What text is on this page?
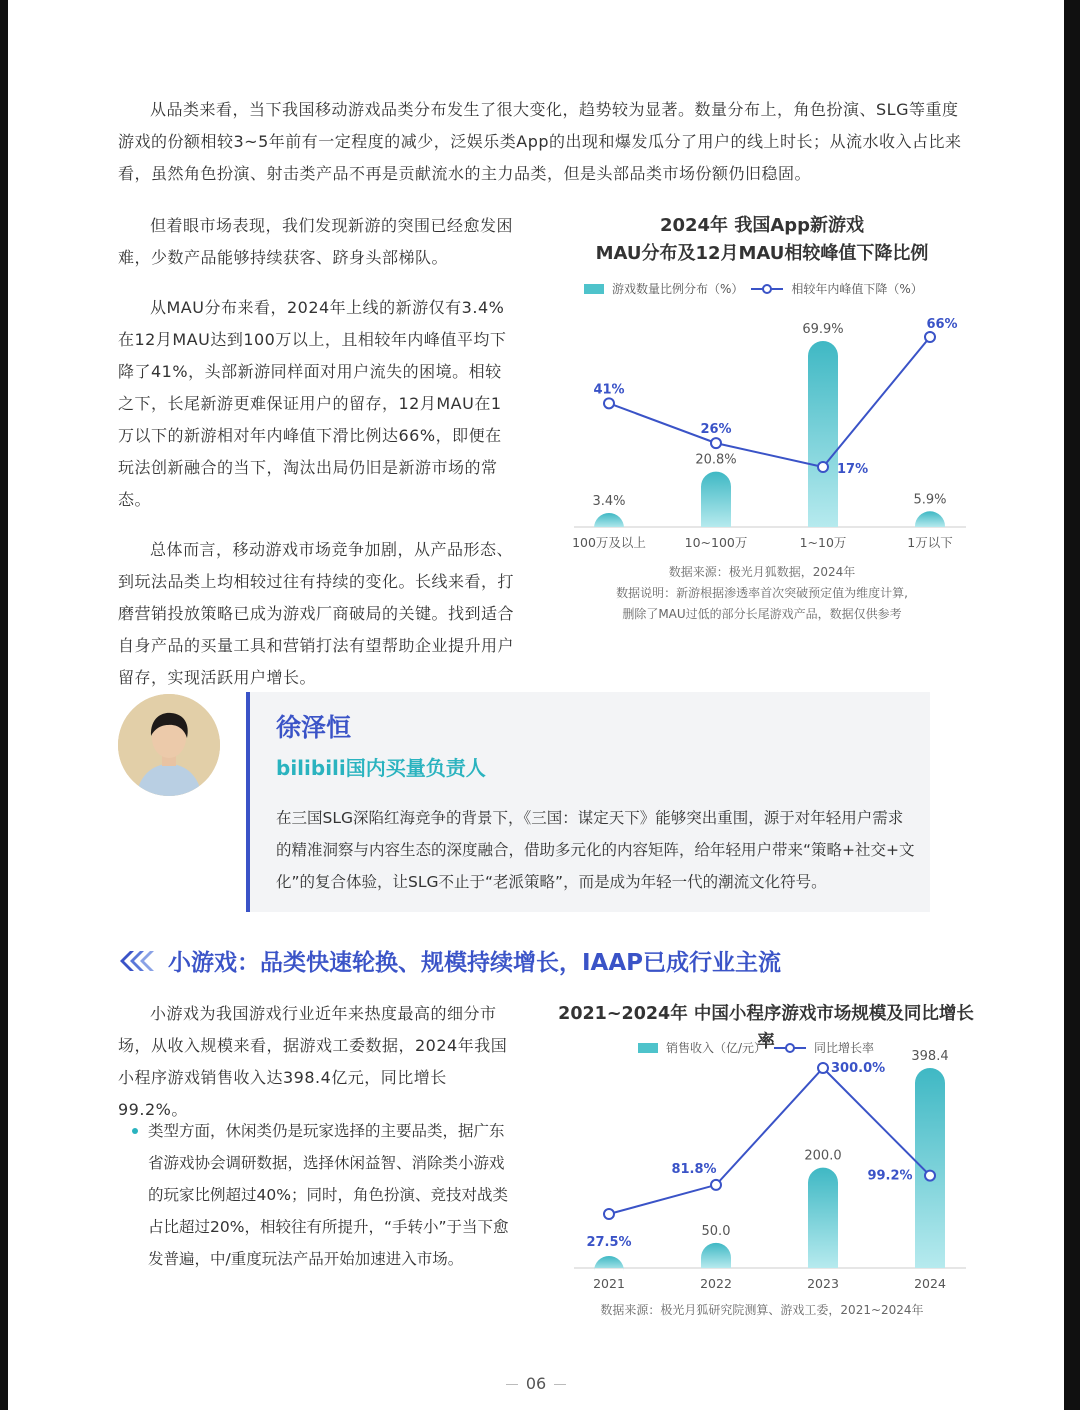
从品类来看，当下我国移动游戏品类分布发生了很大变化，趋势较为显著。数量分布上，角色扮演、SLG等重度游戏的份额相较3~5年前有一定程度的减少，泛娱乐类App的出现和爆发瓜分了用户的线上时长；从流水收入占比来看，虽然角色扮演、射击类产品不再是贡献流水的主力品类，但是头部品类市场份额仍旧稳固。

但着眼市场表现，我们发现新游的突围已经愈发困难，少数产品能够持续获客、跻身头部梯队。

从MAU分布来看，2024年上线的新游仅有3.4%在12月MAU达到100万以上，且相较年内峰值平均下降了41%，头部新游同样面对用户流失的困境。相较之下，长尾新游更难保证用户的留存，12月MAU在1万以下的新游相对年内峰值下滑比例达66%，即便在玩法创新融合的当下，淘汰出局仍旧是新游市场的常态。

总体而言，移动游戏市场竞争加剧，从产品形态、到玩法品类上均相较过往有持续的变化。长线来看，打磨营销投放策略已成为游戏厂商破局的关键。找到适合自身产品的买量工具和营销打法有望帮助企业提升用户留存，实现活跃用户增长。

2024年 我国App新游戏
MAU分布及12月MAU相较峰值下降比例
游戏数量比例分布（%）	相较年内峰值下降（%）
3.4%
20.8%
69.9%
5.9%
41%
26%
17%
66%
100万及以上	10~100万	1~10万	1万以下
数据来源：极光月狐数据，2024年
数据说明：新游根据渗透率首次突破预定值为维度计算,
删除了MAU过低的部分长尾游戏产品，数据仅供参考
徐泽恒
bilibili国内买量负责人
在三国SLG深陷红海竞争的背景下，《三国：谋定天下》能够突出重围，源于对年轻用户需求的精准洞察与内容生态的深度融合，借助多元化的内容矩阵，给年轻用户带来“策略+社交+文化”的复合体验，让SLG不止于“老派策略”，而是成为年轻一代的潮流文化符号。
小游戏：品类快速轮换、规模持续增长，IAAP已成行业主流

小游戏为我国游戏行业近年来热度最高的细分市场，从收入规模来看，据游戏工委数据，2024年我国小程序游戏销售收入达398.4亿元，同比增长99.2%。

类型方面，休闲类仍是玩家选择的主要品类，据广东省游戏协会调研数据，选择休闲益智、消除类小游戏的玩家比例超过40%；同时，角色扮演、竞技对战类占比超过20%，相较往有所提升，“手转小”于当下愈发普遍，中/重度玩法产品开始加速进入市场。
2021~2024年 中国小程序游戏市场规模及同比增长率
销售收入（亿/元）	同比增长率
50.0
200.0
398.4
27.5%
81.8%
300.0%
99.2%
2021	2022	2023	2024
数据来源：极光月狐研究院测算、游戏工委，2021~2024年
06
